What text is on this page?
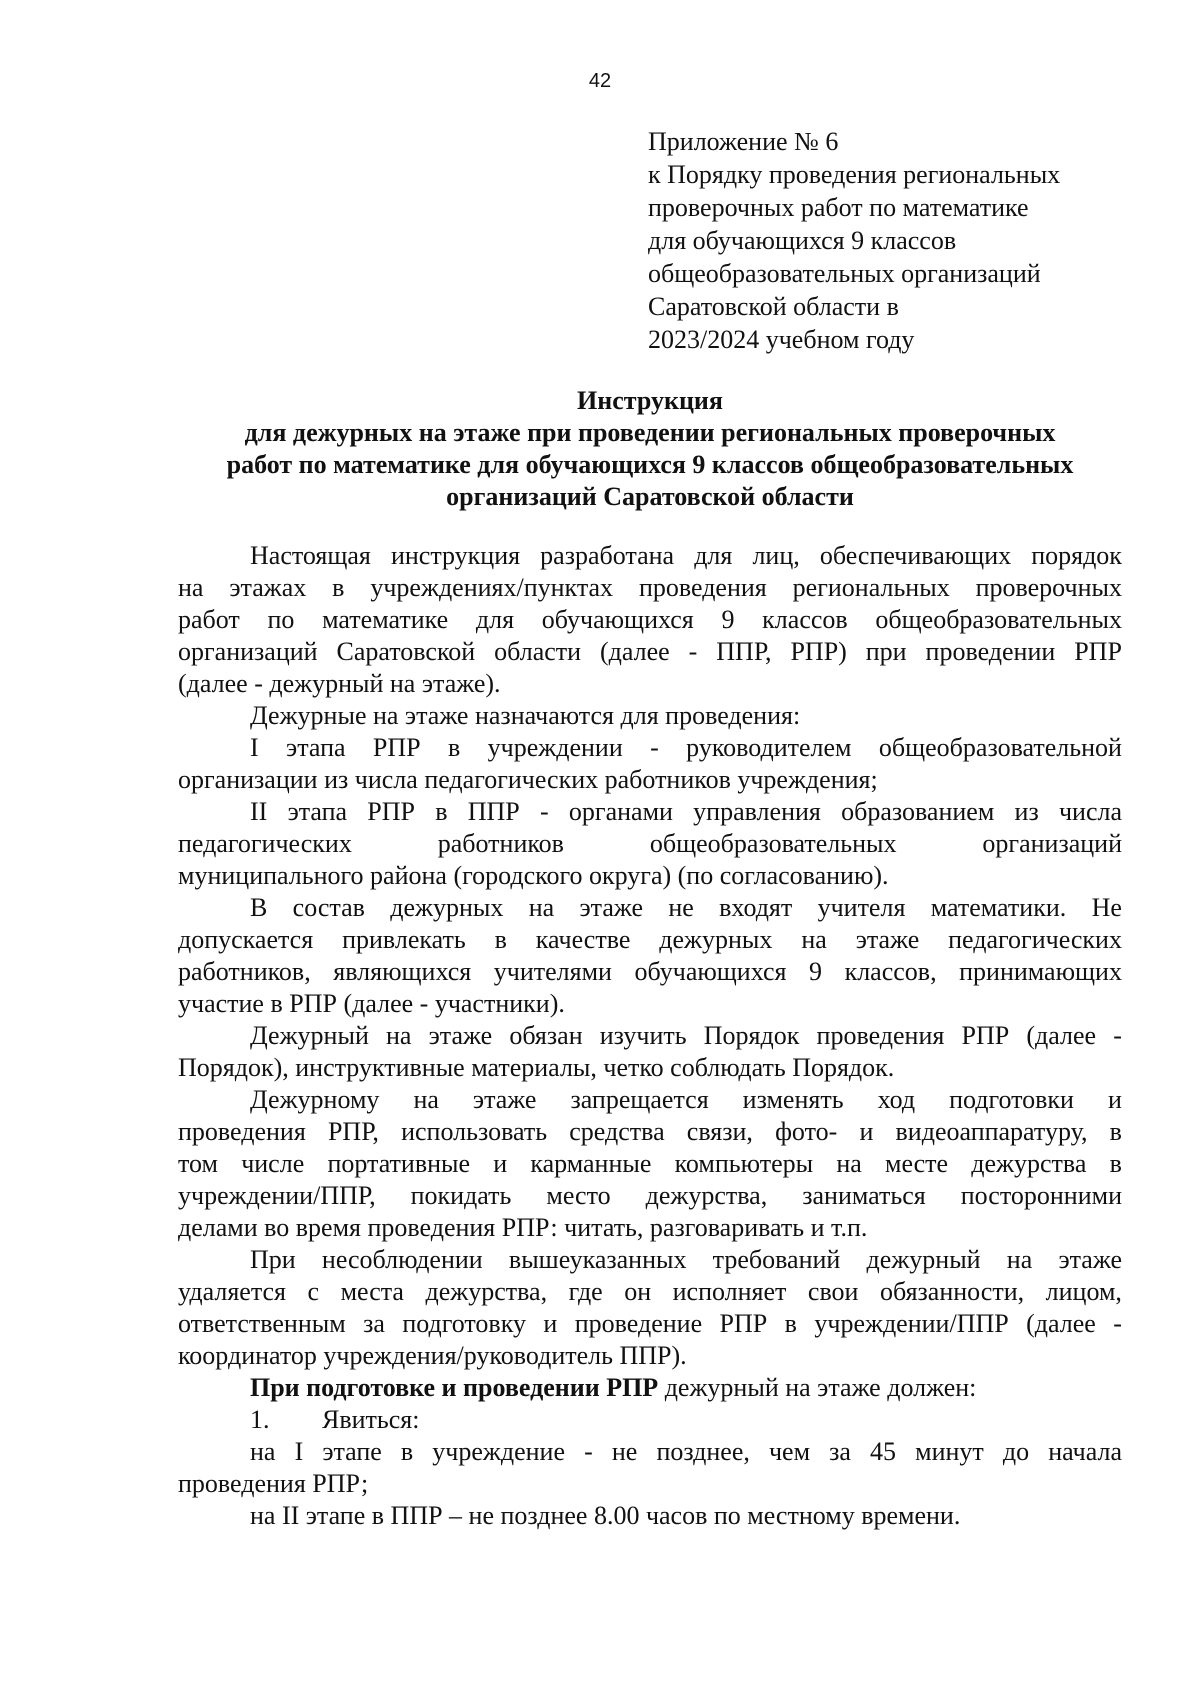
42
Приложение № 6
к Порядку проведения региональных
проверочных работ по математике
для обучающихся 9 классов
общеобразовательных организаций
Саратовской области в
2023/2024 учебном году
Инструкция
для дежурных на этаже при проведении региональных проверочных
работ по математике для обучающихся 9 классов общеобразовательных
организаций Саратовской области
Настоящая инструкция разработана для лиц, обеспечивающих порядок
на этажах в учреждениях/пунктах проведения региональных проверочных
работ по математике для обучающихся 9 классов общеобразовательных
организаций Саратовской области (далее - ППР, РПР) при проведении РПР
(далее - дежурный на этаже).
Дежурные на этаже назначаются для проведения:
I этапа РПР в учреждении - руководителем общеобразовательной
организации из числа педагогических работников учреждения;
II этапа РПР в ППР - органами управления образованием из числа
педагогических	работников	общеобразовательных	организаций
муниципального района (городского округа) (по согласованию).
В состав дежурных на этаже не входят учителя математики. Не
допускается привлекать в качестве дежурных на этаже педагогических
работников, являющихся учителями обучающихся 9 классов, принимающих
участие в РПР (далее - участники).
Дежурный на этаже обязан изучить Порядок проведения РПР (далее -
Порядок), инструктивные материалы, четко соблюдать Порядок.
Дежурному на этаже запрещается изменять ход подготовки и
проведения РПР, использовать средства связи, фото- и видеоаппаратуру, в
том числе портативные и карманные компьютеры на месте дежурства в
учреждении/ППР, покидать место дежурства, заниматься посторонними
делами во время проведения РПР: читать, разговаривать и т.п.
При несоблюдении вышеуказанных требований дежурный на этаже
удаляется с места дежурства, где он исполняет свои обязанности, лицом,
ответственным за подготовку и проведение РПР в учреждении/ППР (далее -
координатор учреждения/руководитель ППР).
При подготовке и проведении РПР дежурный на этаже должен:
1.	Явиться:
на I этапе в учреждение - не позднее, чем за 45 минут до начала
проведения РПР;
на II этапе в ППР – не позднее 8.00 часов по местному времени.
